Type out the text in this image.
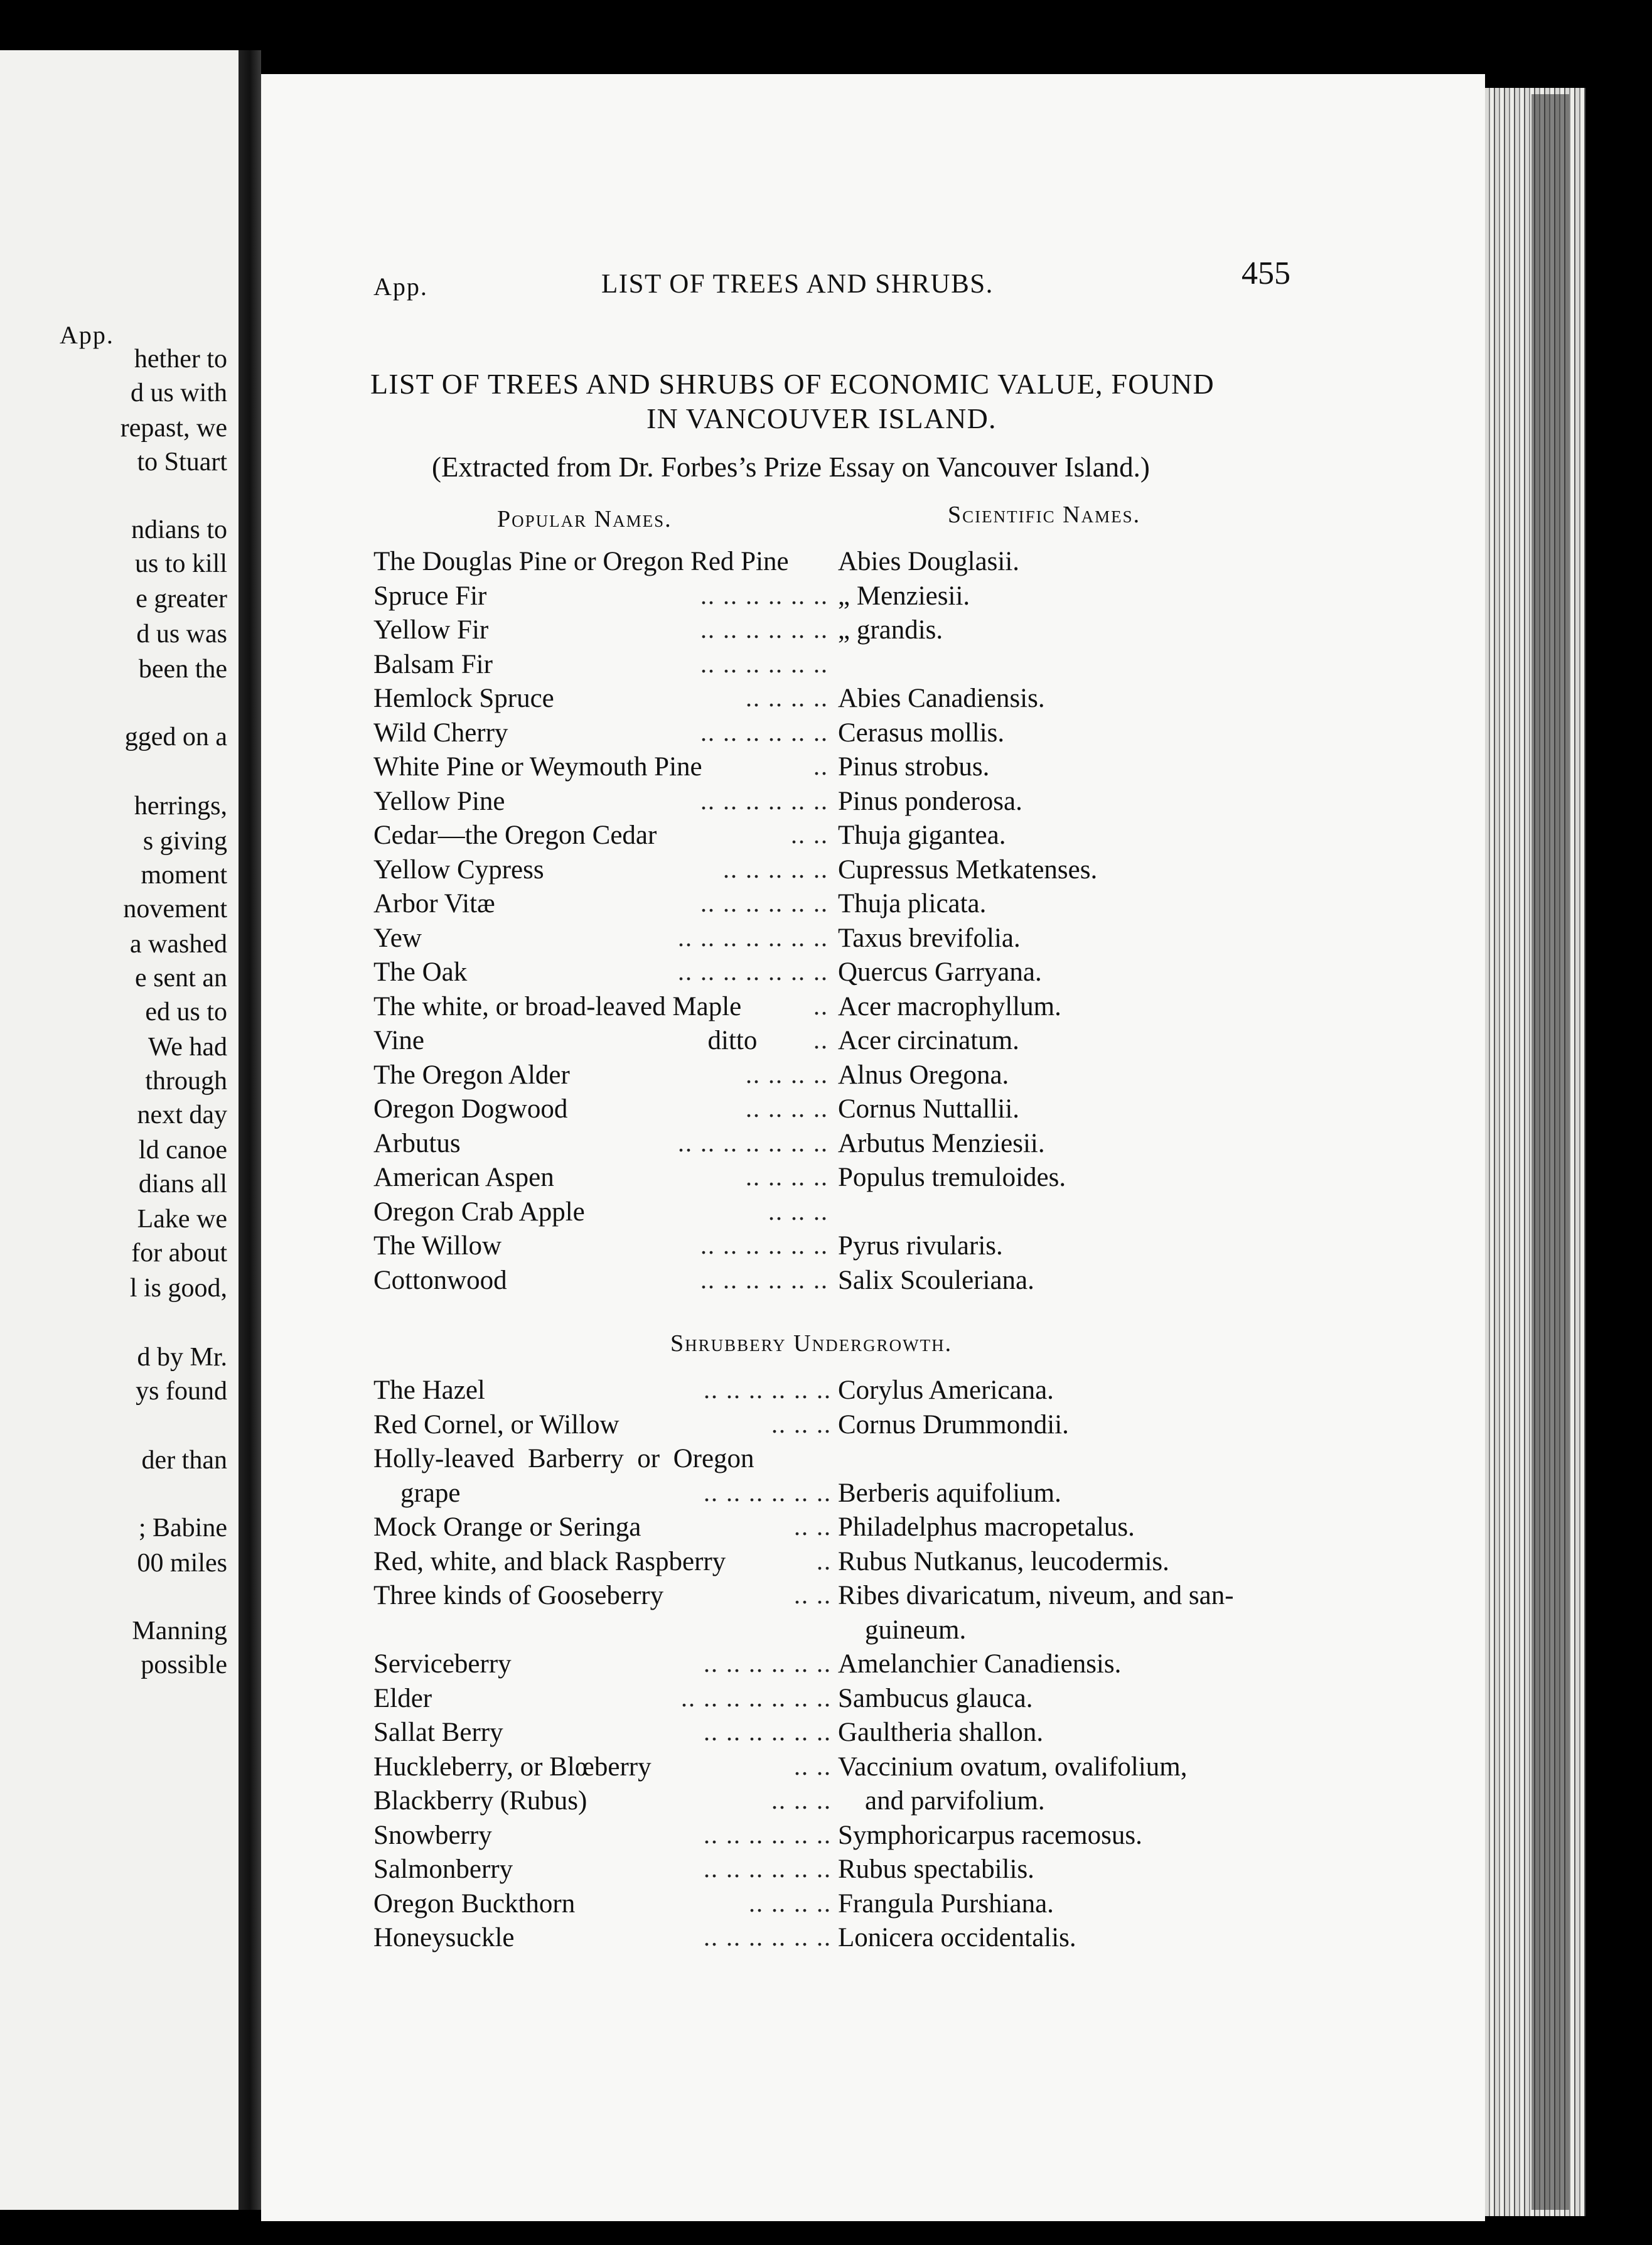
App.
hether to
d us with
repast, we
to Stuart
ndians to
us to kill
e greater
d us was
been the
gged on a
herrings,
s giving
moment
novement
a washed
e sent an
ed us to
We had
through
next day
ld canoe
dians all
Lake we
for about
l is good,
d by Mr.
ys found
der than
; Babine
00 miles
Manning
possible
App.	LIST OF TREES AND SHRUBS.	455
LIST OF TREES AND SHRUBS OF ECONOMIC VALUE, FOUND
IN VANCOUVER ISLAND.
(Extracted from Dr. Forbes’s Prize Essay on Vancouver Island.)
Popular Names.	Scientific Names.
The Douglas Pine or Oregon Red Pine Abies Douglasii.
Spruce Fir	.. .. .. .. .. .. „ Menziesii.
Yellow Fir	.. .. .. .. .. .. „ grandis.
Balsam Fir	.. .. .. .. .. ..
Hemlock Spruce	.. .. .. .. Abies Canadiensis.
Wild Cherry	.. .. .. .. .. .. Cerasus mollis.
White Pine or Weymouth Pine	.. Pinus strobus.
Yellow Pine	.. .. .. .. .. .. Pinus ponderosa.
Cedar—the Oregon Cedar	.. .. Thuja gigantea.
Yellow Cypress	.. .. .. .. .. Cupressus Metkatenses.
Arbor Vitæ	.. .. .. .. .. .. Thuja plicata.
Yew	.. .. .. .. .. .. .. Taxus brevifolia.
The Oak	.. .. .. .. .. .. .. Quercus Garryana.
The white, or broad-leaved Maple	.. Acer macrophyllum.
Vine                                          ditto .. Acer circinatum.
The Oregon Alder	.. .. .. .. Alnus Oregona.
Oregon Dogwood	.. .. .. .. Cornus Nuttallii.
Arbutus	.. .. .. .. .. .. .. Arbutus Menziesii.
American Aspen	.. .. .. .. Populus tremuloides.
Oregon Crab Apple	.. .. ..
The Willow	.. .. .. .. .. .. Pyrus rivularis.
Cottonwood	.. .. .. .. .. .. Salix Scouleriana.
Shrubbery Undergrowth.
The Hazel	.. .. .. .. .. .. Corylus Americana.
Red Cornel, or Willow	.. .. .. Cornus Drummondii.
Holly-leaved  Barberry  or  Oregon
grape	.. .. .. .. .. .. Berberis aquifolium.
Mock Orange or Seringa	.. .. Philadelphus macropetalus.
Red, white, and black Raspberry	.. Rubus Nutkanus, leucodermis.
Three kinds of Gooseberry	.. .. Ribes divaricatum, niveum, and san-
guineum.
Serviceberry	.. .. .. .. .. .. Amelanchier Canadiensis.
Elder	.. .. .. .. .. .. .. Sambucus glauca.
Sallat Berry	.. .. .. .. .. .. Gaultheria shallon.
Huckleberry, or Blœberry	.. .. Vaccinium ovatum, ovalifolium,
Blackberry (Rubus)	.. .. .. and parvifolium.
Snowberry	.. .. .. .. .. .. Symphoricarpus racemosus.
Salmonberry	.. .. .. .. .. .. Rubus spectabilis.
Oregon Buckthorn	.. .. .. .. Frangula Purshiana.
Honeysuckle	.. .. .. .. .. .. Lonicera occidentalis.
